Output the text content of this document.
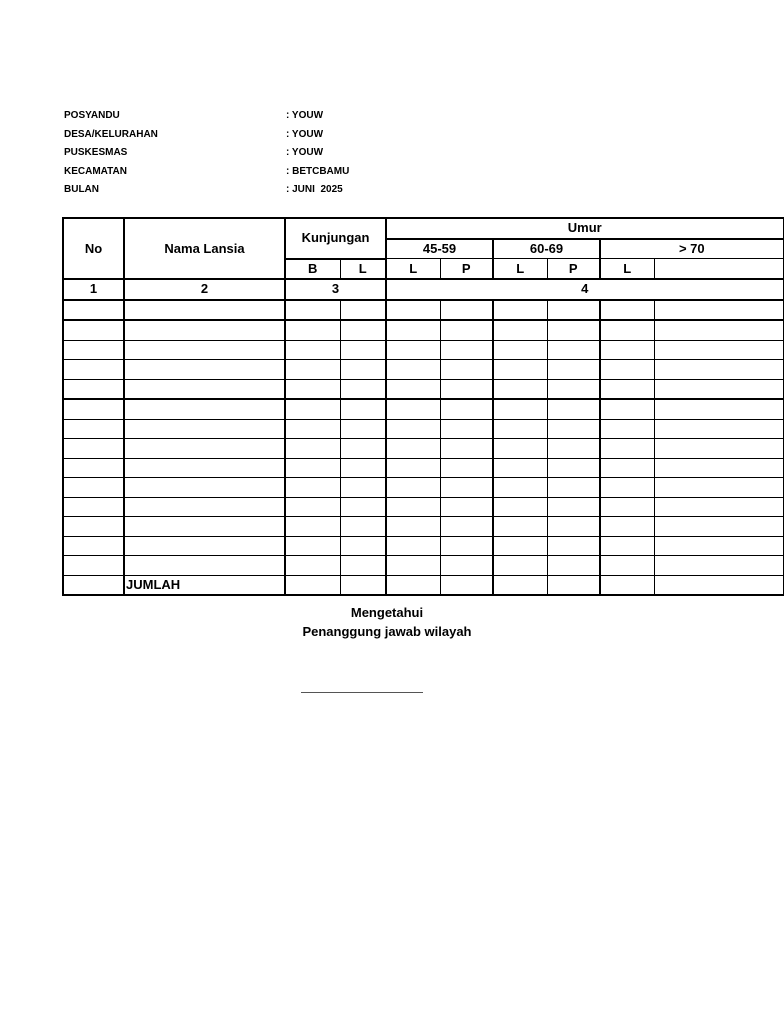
POSYANDU	: YOUW
DESA/KELURAHAN	: YOUW
PUSKESMAS	: YOUW
KECAMATAN	: BETCBAMU
BULAN	: JUNI  2025
No	Nama Lansia	Kunjungan		Umur					
				45-59		60-69		> 70	
		B	L	L	P	L	P	L	
1	2	3		4					

	JUMLAH								
Mengetahui
Penanggung jawab wilayah
